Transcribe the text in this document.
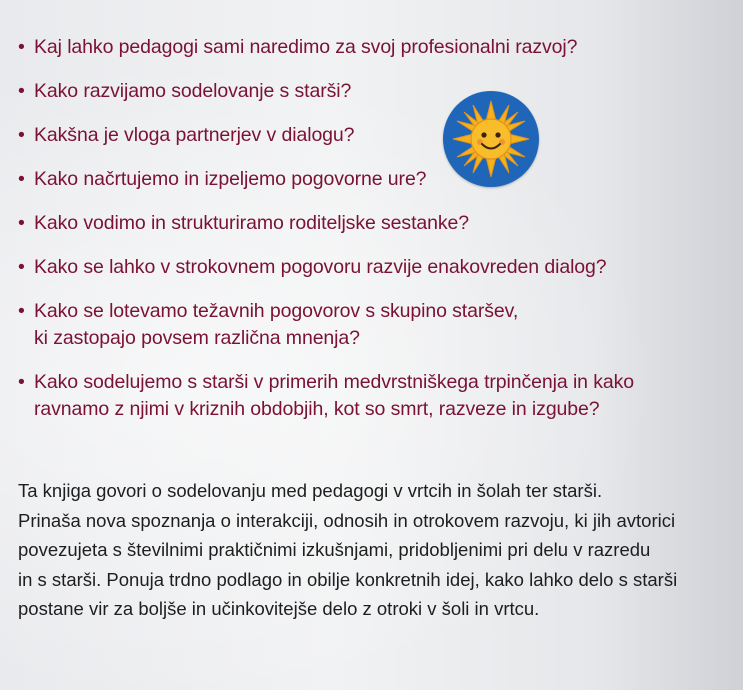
• Kaj lahko pedagogi sami naredimo za svoj profesionalni razvoj?
• Kako razvijamo sodelovanje s starši?
• Kakšna je vloga partnerjev v dialogu?
• Kako načrtujemo in izpeljemo pogovorne ure?
• Kako vodimo in strukturiramo roditeljske sestanke?
• Kako se lahko v strokovnem pogovoru razvije enakovreden dialog?
• Kako se lotevamo težavnih pogovorov s skupino staršev,
ki zastopajo povsem različna mnenja?
• Kako sodelujemo s starši v primerih medvrstniškega trpinčenja in kako
ravnamo z njimi v kriznih obdobjih, kot so smrt, razveze in izgube?
Ta knjiga govori o sodelovanju med pedagogi v vrtcih in šolah ter starši.
Prinaša nova spoznanja o interakciji, odnosih in otrokovem razvoju, ki jih avtorici
povezujeta s številnimi praktičnimi izkušnjami, pridobljenimi pri delu v razredu
in s starši. Ponuja trdno podlago in obilje konkretnih idej, kako lahko delo s starši
postane vir za boljše in učinkovitejše delo z otroki v šoli in vrtcu.
